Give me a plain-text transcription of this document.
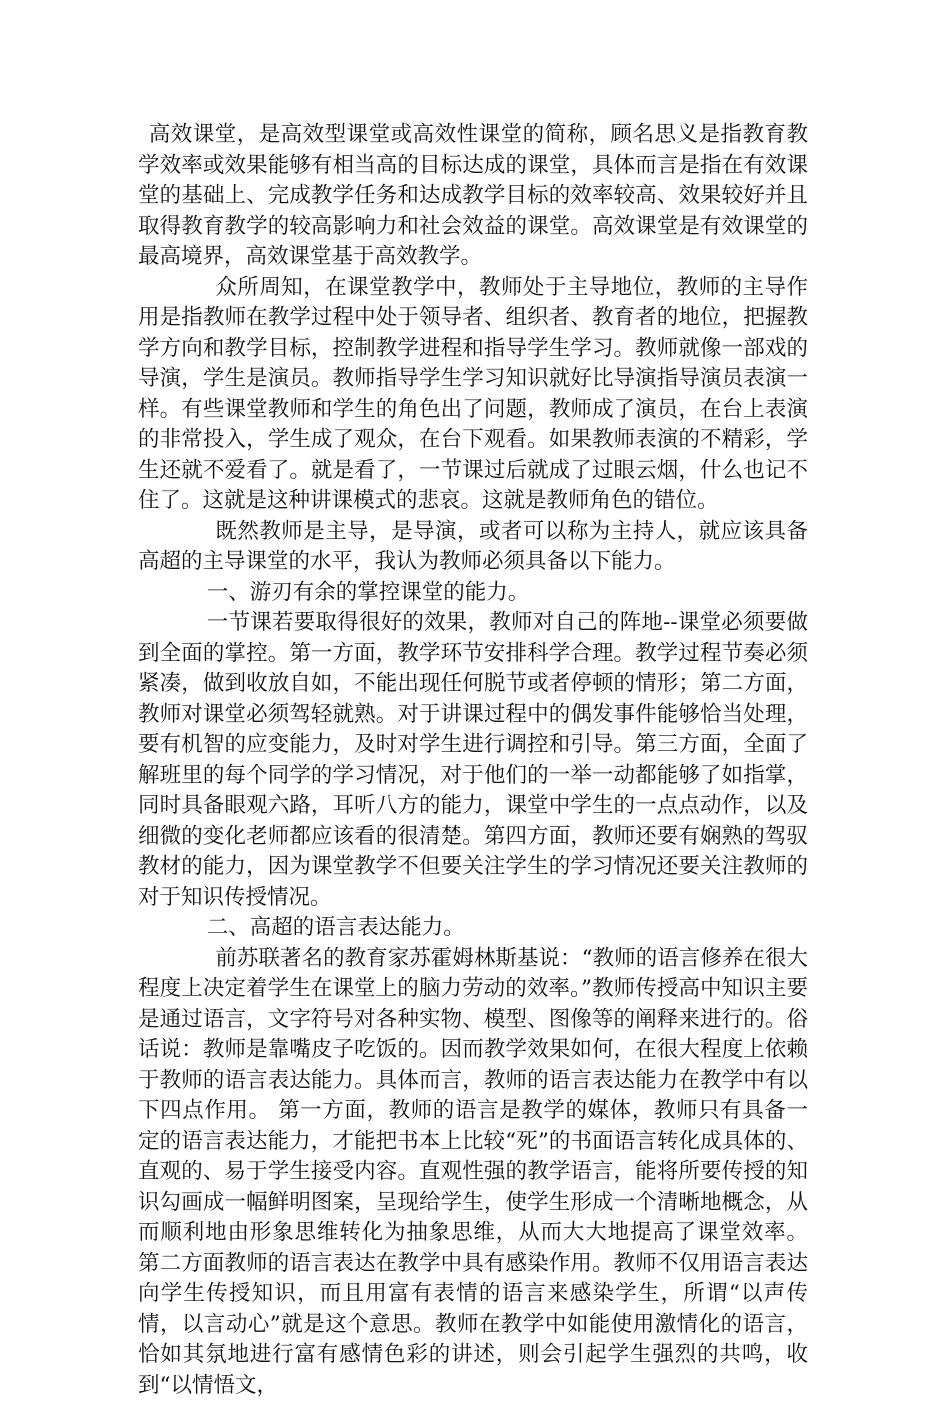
高效课堂，是高效型课堂或高效性课堂的简称，顾名思义是指教育教学效率或效果能够有相当高的目标达成的课堂，具体而言是指在有效课堂的基础上、完成教学任务和达成教学目标的效率较高、效果较好并且取得教育教学的较高影响力和社会效益的课堂。高效课堂是有效课堂的最高境界，高效课堂基于高效教学。

众所周知，在课堂教学中，教师处于主导地位，教师的主导作用是指教师在教学过程中处于领导者、组织者、教育者的地位，把握教学方向和教学目标，控制教学进程和指导学生学习。教师就像一部戏的导演，学生是演员。教师指导学生学习知识就好比导演指导演员表演一样。有些课堂教师和学生的角色出了问题，教师成了演员，在台上表演的非常投入，学生成了观众，在台下观看。如果教师表演的不精彩，学生还就不爱看了。就是看了，一节课过后就成了过眼云烟，什么也记不住了。这就是这种讲课模式的悲哀。这就是教师角色的错位。

既然教师是主导，是导演，或者可以称为主持人，就应该具备高超的主导课堂的水平，我认为教师必须具备以下能力。

一、游刃有余的掌控课堂的能力。

一节课若要取得很好的效果，教师对自己的阵地--课堂必须要做到全面的掌控。第一方面，教学环节安排科学合理。教学过程节奏必须紧凑，做到收放自如，不能出现任何脱节或者停顿的情形；第二方面，教师对课堂必须驾轻就熟。对于讲课过程中的偶发事件能够恰当处理，要有机智的应变能力，及时对学生进行调控和引导。第三方面，全面了解班里的每个同学的学习情况，对于他们的一举一动都能够了如指掌，同时具备眼观六路，耳听八方的能力，课堂中学生的一点点动作，以及细微的变化老师都应该看的很清楚。第四方面，教师还要有娴熟的驾驭教材的能力，因为课堂教学不但要关注学生的学习情况还要关注教师的对于知识传授情况。

二、高超的语言表达能力。

前苏联著名的教育家苏霍姆林斯基说：“教师的语言修养在很大程度上决定着学生在课堂上的脑力劳动的效率。”教师传授高中知识主要是通过语言，文字符号对各种实物、模型、图像等的阐释来进行的。俗话说：教师是靠嘴皮子吃饭的。因而教学效果如何，在很大程度上依赖于教师的语言表达能力。具体而言，教师的语言表达能力在教学中有以下四点作用。 第一方面，教师的语言是教学的媒体，教师只有具备一定的语言表达能力，才能把书本上比较“死”的书面语言转化成具体的、直观的、易于学生接受内容。直观性强的教学语言，能将所要传授的知识勾画成一幅鲜明图案，呈现给学生，使学生形成一个清晰地概念，从而顺利地由形象思维转化为抽象思维，从而大大地提高了课堂效率。 第二方面教师的语言表达在教学中具有感染作用。教师不仅用语言表达向学生传授知识，而且用富有表情的语言来感染学生，所谓“以声传情，以言动心”就是这个意思。教师在教学中如能使用激情化的语言，恰如其氛地进行富有感情色彩的讲述，则会引起学生强烈的共鸣，收到“以情悟文，
